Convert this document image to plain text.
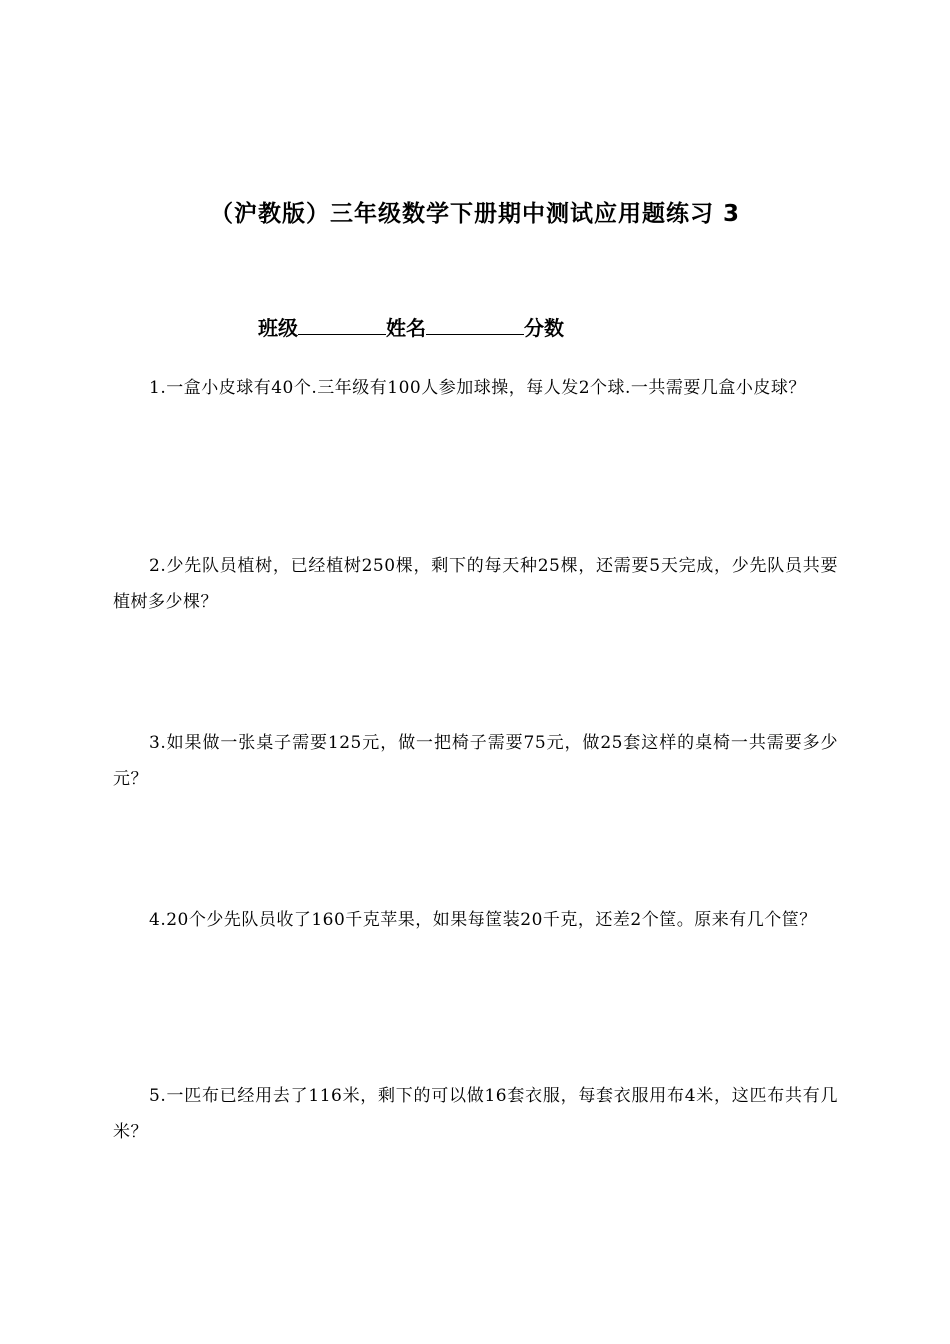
（沪教版）三年级数学下册期中测试应用题练习 3
班级	姓名	分数
1.一盒小皮球有40个.三年级有100人参加球操，每人发2个球.一共需要几盒小皮球？
2.少先队员植树，已经植树250棵，剩下的每天种25棵，还需要5天完成，少先队员共要植树多少棵？
3.如果做一张桌子需要125元，做一把椅子需要75元，做25套这样的桌椅一共需要多少元？
4.20个少先队员收了160千克苹果，如果每筐装20千克，还差2个筐。原来有几个筐？
5.一匹布已经用去了116米，剩下的可以做16套衣服，每套衣服用布4米，这匹布共有几米？
